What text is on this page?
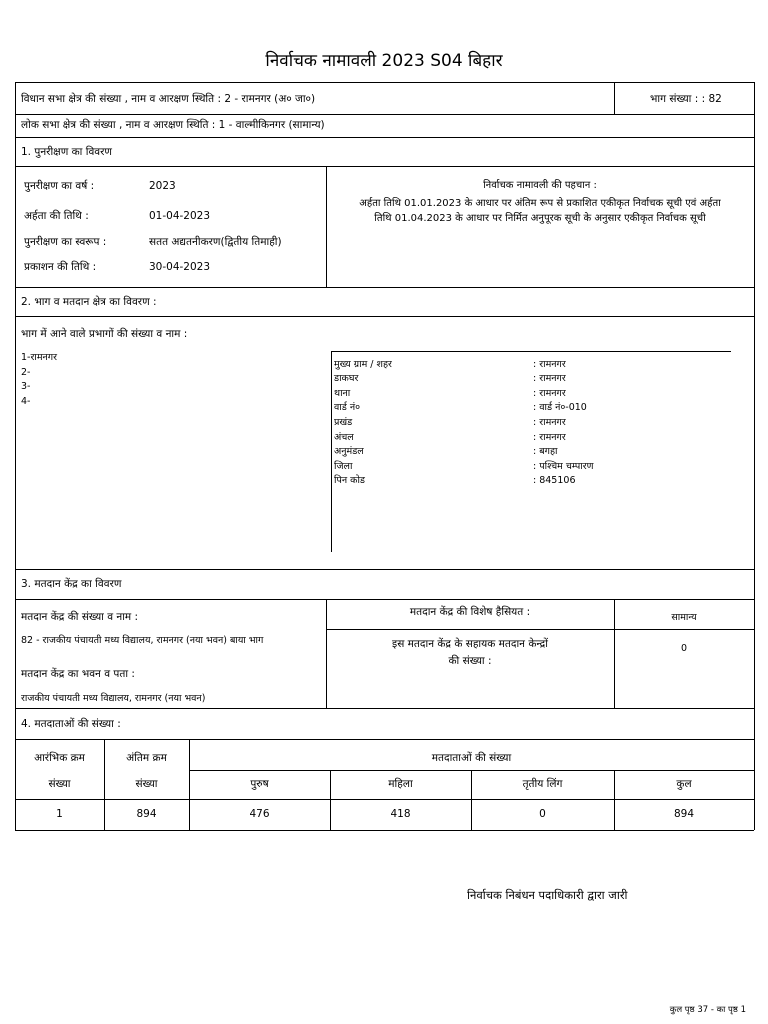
निर्वाचक नामावली 2023 S04 बिहार
विधान सभा क्षेत्र की संख्या , नाम व आरक्षण स्थिति : 2 - रामनगर (अ० जा०)	भाग संख्या : : 82
लोक सभा क्षेत्र की संख्या , नाम व आरक्षण स्थिति : 1 - वाल्मीकिनगर (सामान्य)
1. पुनरीक्षण का विवरण
पुनरीक्षण का वर्ष :	2023
अर्हता की तिथि :	01-04-2023
पुनरीक्षण का स्वरूप :	सतत अद्यतनीकरण(द्वितीय तिमाही)
प्रकाशन की तिथि :	30-04-2023
निर्वाचक नामावली की पहचान :
अर्हता तिथि 01.01.2023 के आधार पर अंतिम रूप से प्रकाशित एकीकृत निर्वाचक सूची एवं अर्हता
तिथि 01.04.2023 के आधार पर निर्मित अनुपूरक सूची के अनुसार एकीकृत निर्वाचक सूची
2. भाग व मतदान क्षेत्र का विवरण :
भाग में आने वाले प्रभागों की संख्या व नाम :
1-रामनगर
2-
3-
4-
मुख्य ग्राम / शहर	: रामनगर
डाकघर	: रामनगर
थाना	: रामनगर
वार्ड नं०	: वार्ड नं०-010
प्रखंड	: रामनगर
अंचल	: रामनगर
अनुमंडल	: बगहा
जिला	: पश्चिम चम्पारण
पिन कोड	: 845106
3. मतदान केंद्र का विवरण
मतदान केंद्र की संख्या व नाम :
82 - राजकीय पंचायती मध्य विद्यालय, रामनगर (नया भवन) बाया भाग
मतदान केंद्र का भवन व पता :
राजकीय पंचायती मध्य विद्यालय, रामनगर (नया भवन)
मतदान केंद्र की विशेष हैसियत :	सामान्य
इस मतदान केंद्र के सहायक मतदान केन्द्रों
की संख्या :
0
4. मतदाताओं की संख्या :
आरंभिक क्रम
संख्या
अंतिम क्रम
संख्या
मतदाताओं की संख्या
पुरुष	महिला	तृतीय लिंग	कुल
1	894	476	418	0	894
निर्वाचक निबंधन पदाधिकारी द्वारा जारी
कुल पृष्ठ 37 - का पृष्ठ 1
